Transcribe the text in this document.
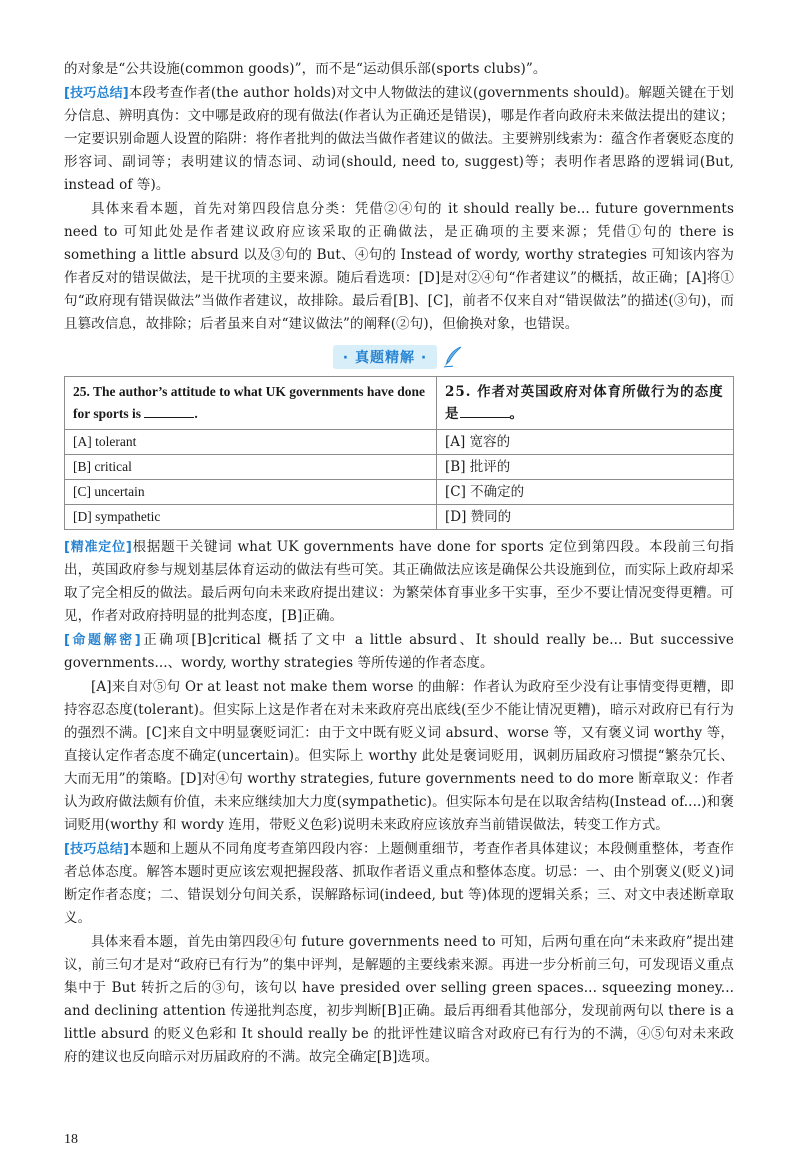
的对象是“公共设施(common goods)”，而不是“运动俱乐部(sports clubs)”。

[技巧总结]本段考查作者(the author holds)对文中人物做法的建议(governments should)。解题关键在于划分信息、辨明真伪：文中哪是政府的现有做法(作者认为正确还是错误)，哪是作者向政府未来做法提出的建议；一定要识别命题人设置的陷阱：将作者批判的做法当做作者建议的做法。主要辨别线索为：蕴含作者褒贬态度的形容词、副词等；表明建议的情态词、动词(should, need to, suggest)等；表明作者思路的逻辑词(But, instead of 等)。

具体来看本题，首先对第四段信息分类：凭借②④句的 it should really be... future governments need to 可知此处是作者建议政府应该采取的正确做法，是正确项的主要来源；凭借①句的 there is something a little absurd 以及③句的 But、④句的 Instead of wordy, worthy strategies 可知该内容为作者反对的错误做法，是干扰项的主要来源。随后看选项：[D]是对②④句“作者建议”的概括，故正确；[A]将①句“政府现有错误做法”当做作者建议，故排除。最后看[B]、[C]，前者不仅来自对“错误做法”的描述(③句)，而且篡改信息，故排除；后者虽来自对“建议做法”的阐释(②句)，但偷换对象，也错误。

· 真题精解 ·
25. The author’s attitude to what UK governments have done for sports is .	25. 作者对英国政府对体育所做行为的态度是 。
[A] tolerant	[A] 宽容的
[B] critical	[B] 批评的
[C] uncertain	[C] 不确定的
[D] sympathetic	[D] 赞同的

[精准定位]根据题干关键词 what UK governments have done for sports 定位到第四段。本段前三句指出，英国政府参与规划基层体育运动的做法有些可笑。其正确做法应该是确保公共设施到位，而实际上政府却采取了完全相反的做法。最后两句向未来政府提出建议：为繁荣体育事业多干实事，至少不要让情况变得更糟。可见，作者对政府持明显的批判态度，[B]正确。

[命题解密]正确项[B]critical 概括了文中 a little absurd、It should really be... But successive governments...、wordy, worthy strategies 等所传递的作者态度。

[A]来自对⑤句 Or at least not make them worse 的曲解：作者认为政府至少没有让事情变得更糟，即持容忍态度(tolerant)。但实际上这是作者在对未来政府亮出底线(至少不能让情况更糟)，暗示对政府已有行为的强烈不满。[C]来自文中明显褒贬词汇：由于文中既有贬义词 absurd、worse 等，又有褒义词 worthy 等，直接认定作者态度不确定(uncertain)。但实际上 worthy 此处是褒词贬用，讽刺历届政府习惯提“繁杂冗长、大而无用”的策略。[D]对④句 worthy strategies, future governments need to do more 断章取义：作者认为政府做法颇有价值，未来应继续加大力度(sympathetic)。但实际本句是在以取舍结构(Instead of....)和褒词贬用(worthy 和 wordy 连用，带贬义色彩)说明未来政府应该放弃当前错误做法，转变工作方式。

[技巧总结]本题和上题从不同角度考查第四段内容：上题侧重细节，考查作者具体建议；本段侧重整体，考查作者总体态度。解答本题时更应该宏观把握段落、抓取作者语义重点和整体态度。切忌：一、由个别褒义(贬义)词断定作者态度；二、错误划分句间关系，误解路标词(indeed, but 等)体现的逻辑关系；三、对文中表述断章取义。

具体来看本题，首先由第四段④句 future governments need to 可知，后两句重在向“未来政府”提出建议，前三句才是对“政府已有行为”的集中评判，是解题的主要线索来源。再进一步分析前三句，可发现语义重点集中于 But 转折之后的③句，该句以 have presided over selling green spaces... squeezing money... and declining attention 传递批判态度，初步判断[B]正确。最后再细看其他部分，发现前两句以 there is a little absurd 的贬义色彩和 It should really be 的批评性建议暗含对政府已有行为的不满，④⑤句对未来政府的建议也反向暗示对历届政府的不满。故完全确定[B]选项。

18
